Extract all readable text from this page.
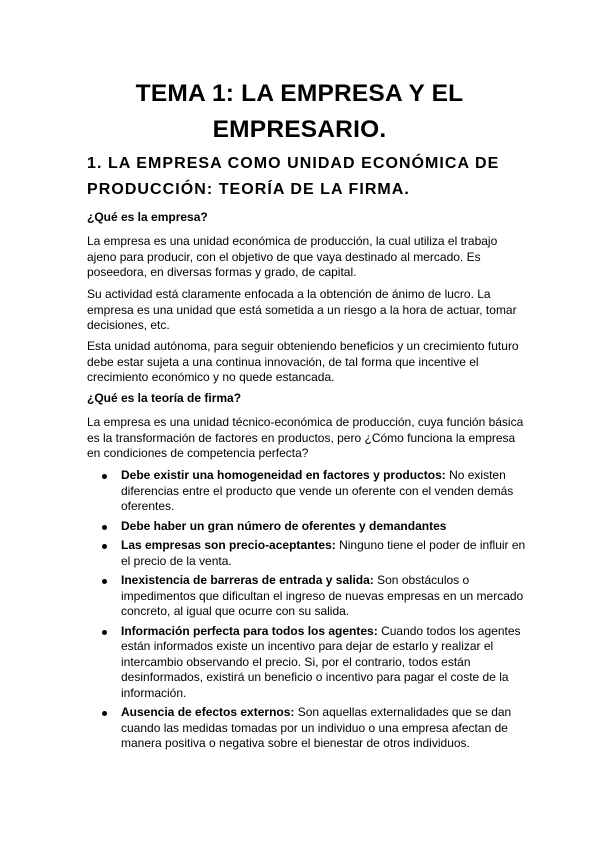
TEMA 1: LA EMPRESA Y EL EMPRESARIO.
1. LA EMPRESA COMO UNIDAD ECONÓMICA DE PRODUCCIÓN: TEORÍA DE LA FIRMA.

¿Qué es la empresa?

La empresa es una unidad económica de producción, la cual utiliza el trabajo ajeno para producir, con el objetivo de que vaya destinado al mercado. Es poseedora, en diversas formas y grado, de capital.

Su actividad está claramente enfocada a la obtención de ánimo de lucro. La empresa es una unidad que está sometida a un riesgo a la hora de actuar, tomar decisiones, etc.

Esta unidad autónoma, para seguir obteniendo beneficios y un crecimiento futuro debe estar sujeta a una continua innovación, de tal forma que incentive el crecimiento económico y no quede estancada.

¿Qué es la teoría de firma?

La empresa es una unidad técnico-económica de producción, cuya función básica es la transformación de factores en productos, pero ¿Cómo funciona la empresa en condiciones de competencia perfecta?

Debe existir una homogeneidad en factores y productos: No existen diferencias entre el producto que vende un oferente con el venden demás oferentes.
Debe haber un gran número de oferentes y demandantes
Las empresas son precio-aceptantes: Ninguno tiene el poder de influir en el precio de la venta.
Inexistencia de barreras de entrada y salida: Son obstáculos o impedimentos que dificultan el ingreso de nuevas empresas en un mercado concreto, al igual que ocurre con su salida.
Información perfecta para todos los agentes: Cuando todos los agentes están informados existe un incentivo para dejar de estarlo y realizar el intercambio observando el precio. Si, por el contrario, todos están desinformados, existirá un beneficio o incentivo para pagar el coste de la información.
Ausencia de efectos externos: Son aquellas externalidades que se dan cuando las medidas tomadas por un individuo o una empresa afectan de manera positiva o negativa sobre el bienestar de otros individuos.
